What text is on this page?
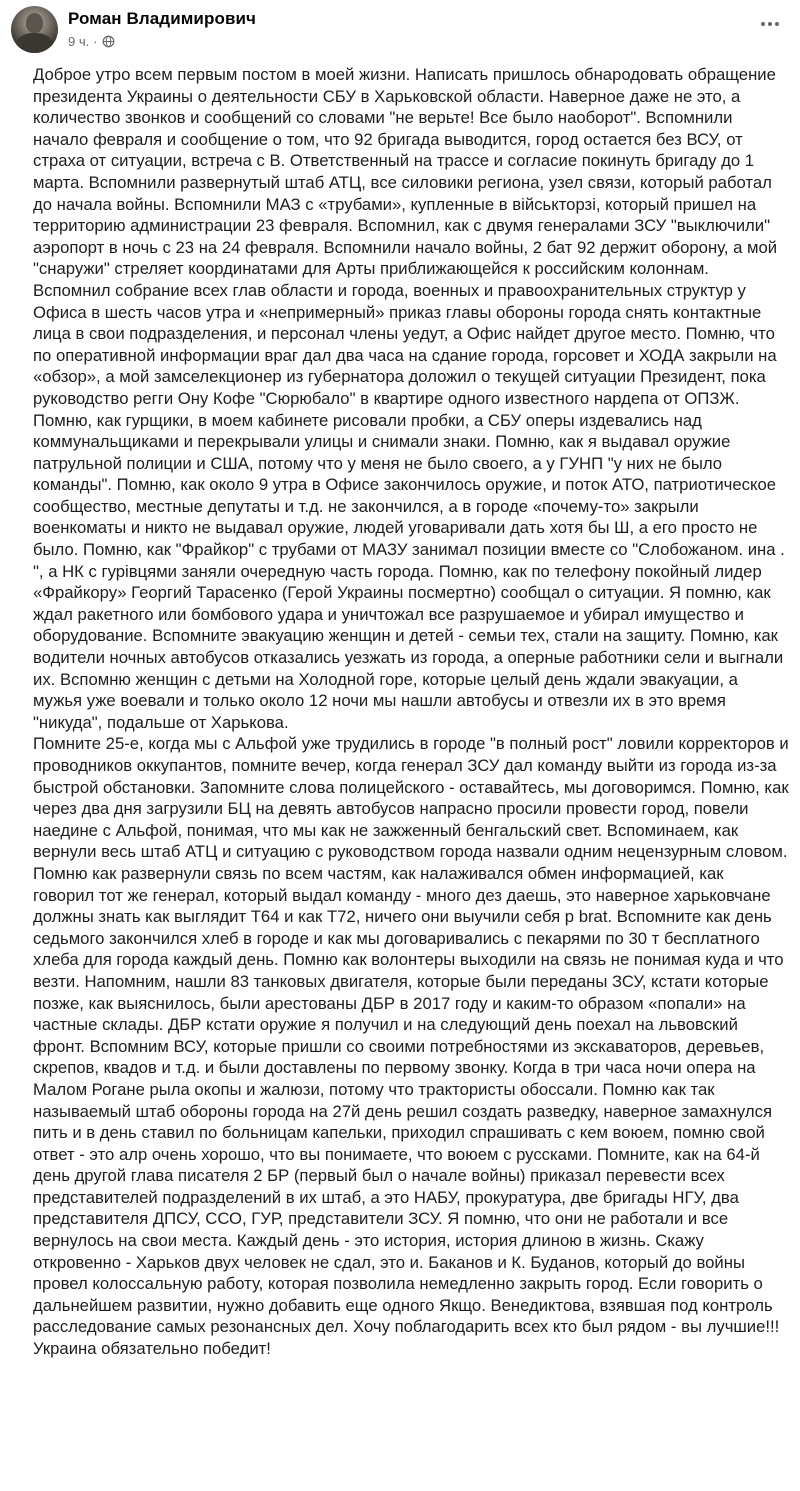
Роман Владимирович
9 ч. ·

Доброе утро всем первым постом в моей жизни. Написать пришлось обнародовать обращение президента Украины о деятельности СБУ в Харьковской области. Наверное даже не это, а количество звонков и сообщений со словами "не верьте! Все было наоборот". Вспомнили начало февраля и сообщение о том, что 92 бригада выводится, город остается без ВСУ, от страха от ситуации, встреча с В. Ответственный на трассе и согласие покинуть бригаду до 1 марта. Вспомнили развернутый штаб АТЦ, все силовики региона, узел связи, который работал до начала войны. Вспомнили МАЗ с «трубами», купленные в військторзі, который пришел на территорию администрации 23 февраля. Вспомнил, как с двумя генералами ЗСУ "выключили" аэропорт в ночь с 23 на 24 февраля. Вспомнили начало войны, 2 бат 92 держит оборону, а мой "снаружи" стреляет координатами для Арты приближающейся к российским колоннам. Вспомнил собрание всех глав области и города, военных и правоохранительных структур у Офиса в шесть часов утра и «непримерный» приказ главы обороны города снять контактные лица в свои подразделения, и персонал члены уедут, а Офис найдет другое место. Помню, что по оперативной информации враг дал два часа на сдание города, горсовет и ХОДА закрыли на «обзор», а мой замселекционер из губернатора доложил о текущей ситуации Президент, пока руководство регги Ону Кофе "Сюрюбало" в квартире одного известного нардепа от ОПЗЖ. Помню, как гурщики, в моем кабинете рисовали пробки, а СБУ оперы издевались над коммунальщиками и перекрывали улицы и снимали знаки. Помню, как я выдавал оружие патрульной полиции и США, потому что у меня не было своего, а у ГУНП "у них не было команды". Помню, как около 9 утра в Офисе закончилось оружие, и поток АТО, патриотическое сообщество, местные депутаты и т.д. не закончился, а в городе «почему-то» закрыли военкоматы и никто не выдавал оружие, людей уговаривали дать хотя бы Ш, а его просто не было. Помню, как "Фрайкор" с трубами от МАЗУ занимал позиции вместе со "Слобожаном. ина . ", а НК с гурівцями заняли очередную часть города. Помню, как по телефону покойный лидер «Фрайкору» Георгий Тарасенко (Герой Украины посмертно) сообщал о ситуации. Я помню, как ждал ракетного или бомбового удара и уничтожал все разрушаемое и убирал имущество и оборудование. Вспомните эвакуацию женщин и детей - семьи тех, стали на защиту. Помню, как водители ночных автобусов отказались уезжать из города, а оперные работники сели и выгнали их. Вспомню женщин с детьми на Холодной горе, которые целый день ждали эвакуации, а мужья уже воевали и только около 12 ночи мы нашли автобусы и отвезли их в это время "никуда", подальше от Харькова.
Помните 25-е, когда мы с Альфой уже трудились в городе "в полный рост" ловили корректоров и проводников оккупантов, помните вечер, когда генерал ЗСУ дал команду выйти из города из-за быстрой обстановки. Запомните слова полицейского - оставайтесь, мы договоримся. Помню, как через два дня загрузили БЦ на девять автобусов напрасно просили провести город, повели наедине с Альфой, понимая, что мы как не зажженный бенгальский свет. Вспоминаем, как вернули весь штаб АТЦ и ситуацию с руководством города назвали одним нецензурным словом. Помню как развернули связь по всем частям, как налаживался обмен информацией, как говорил тот же генерал, который выдал команду - много дез даешь, это наверное харьковчане должны знать как выглядит Т64 и как Т72, ничего они выучили себя р brat. Вспомните как день седьмого закончился хлеб в городе и как мы договаривались с пекарями по 30 т бесплатного хлеба для города каждый день. Помню как волонтеры выходили на связь не понимая куда и что везти. Напомним, нашли 83 танковых двигателя, которые были переданы ЗСУ, кстати которые позже, как выяснилось, были арестованы ДБР в 2017 году и каким-то образом «попали» на частные склады. ДБР кстати оружие я получил и на следующий день поехал на львовский фронт. Вспомним ВСУ, которые пришли со своими потребностями из экскаваторов, деревьев, скрепов, квадов и т.д. и были доставлены по первому звонку. Когда в три часа ночи опера на Малом Рогане рыла окопы и жалюзи, потому что трактористы обоссали. Помню как так называемый штаб обороны города на 27й день решил создать разведку, наверное замахнулся пить и в день ставил по больницам капельки, приходил спрашивать с кем воюем, помню свой ответ - это алр очень хорошо, что вы понимаете, что воюем с руссками. Помните, как на 64-й день другой глава писателя 2 БР (первый был о начале войны) приказал перевести всех представителей подразделений в их штаб, а это НАБУ, прокуратура, две бригады НГУ, два представителя ДПСУ, ССО, ГУР, представители ЗСУ. Я помню, что они не работали и все вернулось на свои места. Каждый день - это история, история длиною в жизнь. Скажу откровенно - Харьков двух человек не сдал, это и. Баканов и К. Буданов, который до войны провел колоссальную работу, которая позволила немедленно закрыть город. Если говорить о дальнейшем развитии, нужно добавить еще одного Якщо. Венедиктова, взявшая под контроль расследование самых резонансных дел. Хочу поблагодарить всех кто был рядом - вы лучшие!!! Украина обязательно победит!
